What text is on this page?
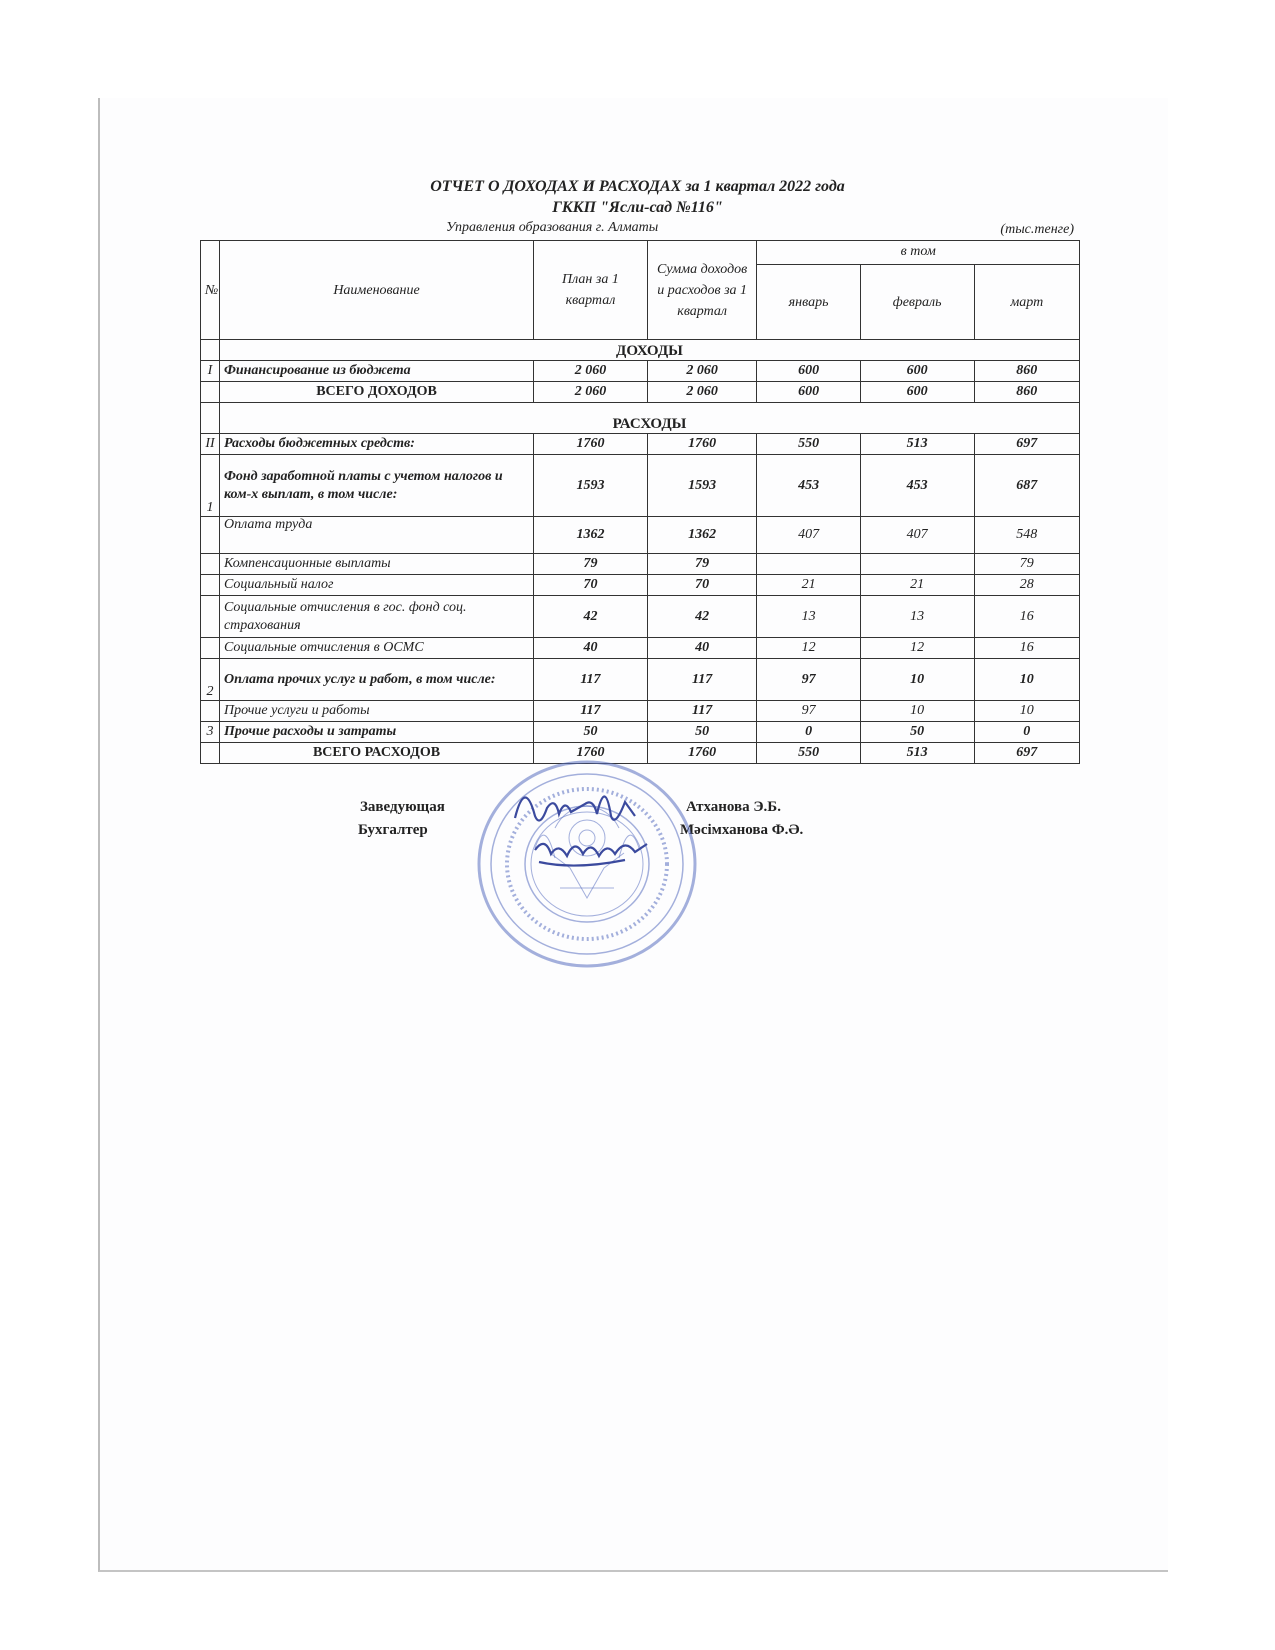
ОТЧЕТ О ДОХОДАХ И РАСХОДАХ за 1 квартал 2022 года
ГККП "Ясли-сад №116"
Управления образования г. Алматы	(тыс.тенге)
№	Наименование	План за 1 квартал	Сумма доходов и расходов за 1 квартал	в том		
				январь	февраль	март
	ДОХОДЫ					
I	Финансирование из бюджета	2 060	2 060	600	600	860
	ВСЕГО ДОХОДОВ	2 060	2 060	600	600	860
	РАСХОДЫ					
II	Расходы бюджетных средств:	1760	1760	550	513	697
1	Фонд заработной платы с учетом налогов и ком-х выплат, в том числе:	1593	1593	453	453	687
	Оплата труда	1362	1362	407	407	548
	Компенсационные выплаты	79	79			79
	Социальный налог	70	70	21	21	28
	Социальные отчисления в гос. фонд соц. страхования	42	42	13	13	16
	Социальные отчисления в ОСМС	40	40	12	12	16
2	Оплата прочих услуг и работ, в том числе:	117	117	97	10	10
	Прочие услуги и работы	117	117	97	10	10
3	Прочие расходы и затраты	50	50	0	50	0
	ВСЕГО РАСХОДОВ	1760	1760	550	513	697
Заведующая	Атханова Э.Б.
Бухгалтер	Мәсімханова Ф.Ә.
